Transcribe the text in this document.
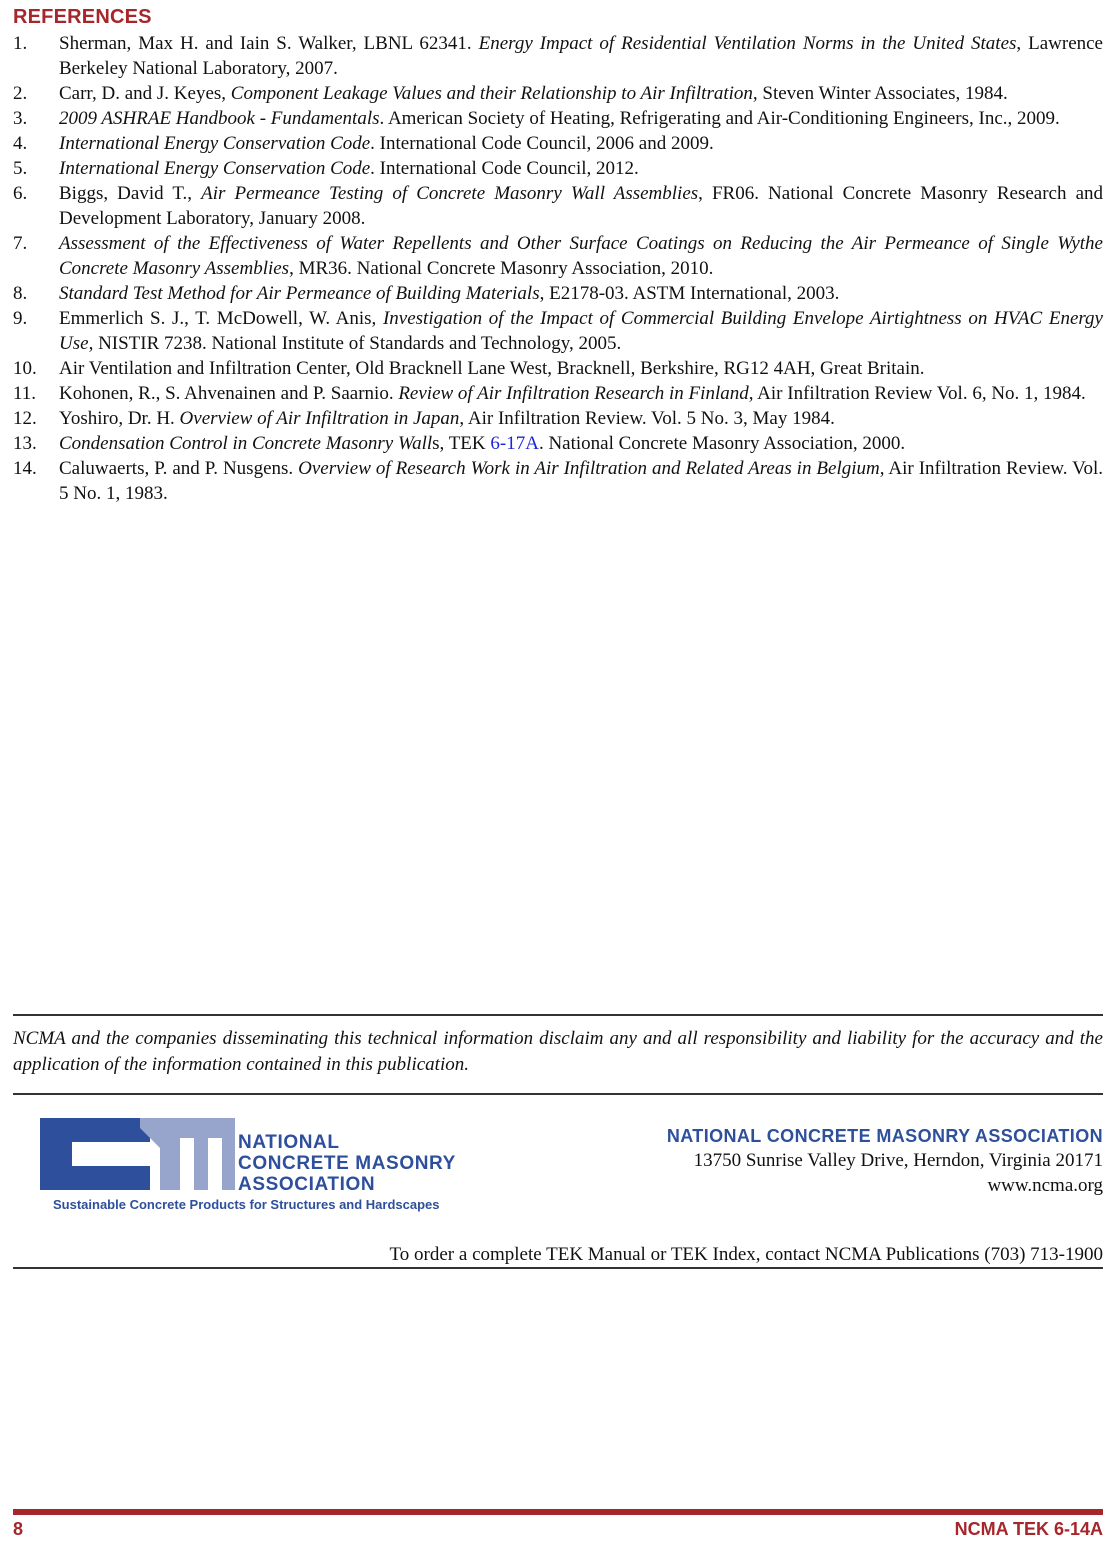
REFERENCES
1. Sherman, Max H. and Iain S. Walker, LBNL 62341. Energy Impact of Residential Ventilation Norms in the United States, Lawrence Berkeley National Laboratory, 2007.
2. Carr, D. and J. Keyes, Component Leakage Values and their Relationship to Air Infiltration, Steven Winter Associates, 1984.
3. 2009 ASHRAE Handbook - Fundamentals. American Society of Heating, Refrigerating and Air-Conditioning Engineers, Inc., 2009.
4. International Energy Conservation Code. International Code Council, 2006 and 2009.
5. International Energy Conservation Code. International Code Council, 2012.
6. Biggs, David T., Air Permeance Testing of Concrete Masonry Wall Assemblies, FR06. National Concrete Masonry Research and Development Laboratory, January 2008.
7. Assessment of the Effectiveness of Water Repellents and Other Surface Coatings on Reducing the Air Permeance of Single Wythe Concrete Masonry Assemblies, MR36. National Concrete Masonry Association, 2010.
8. Standard Test Method for Air Permeance of Building Materials, E2178-03. ASTM International, 2003.
9. Emmerlich S. J., T. McDowell, W. Anis, Investigation of the Impact of Commercial Building Envelope Airtightness on HVAC Energy Use, NISTIR 7238. National Institute of Standards and Technology, 2005.
10. Air Ventilation and Infiltration Center, Old Bracknell Lane West, Bracknell, Berkshire, RG12 4AH, Great Britain.
11. Kohonen, R., S. Ahvenainen and P. Saarnio. Review of Air Infiltration Research in Finland, Air Infiltration Review Vol. 6, No. 1, 1984.
12. Yoshiro, Dr. H. Overview of Air Infiltration in Japan, Air Infiltration Review. Vol. 5 No. 3, May 1984.
13. Condensation Control in Concrete Masonry Walls, TEK 6-17A. National Concrete Masonry Association, 2000.
14. Caluwaerts, P. and P. Nusgens. Overview of Research Work in Air Infiltration and Related Areas in Belgium, Air Infiltration Review. Vol. 5 No. 1, 1983.
NCMA and the companies disseminating this technical information disclaim any and all responsibility and liability for the accuracy and the application of the information contained in this publication.
NATIONAL
CONCRETE MASONRY
ASSOCIATION
Sustainable Concrete Products for Structures and Hardscapes
NATIONAL CONCRETE MASONRY ASSOCIATION
13750 Sunrise Valley Drive, Herndon, Virginia 20171
www.ncma.org
To order a complete TEK Manual or TEK Index, contact NCMA Publications (703) 713-1900
8	NCMA TEK 6-14A
